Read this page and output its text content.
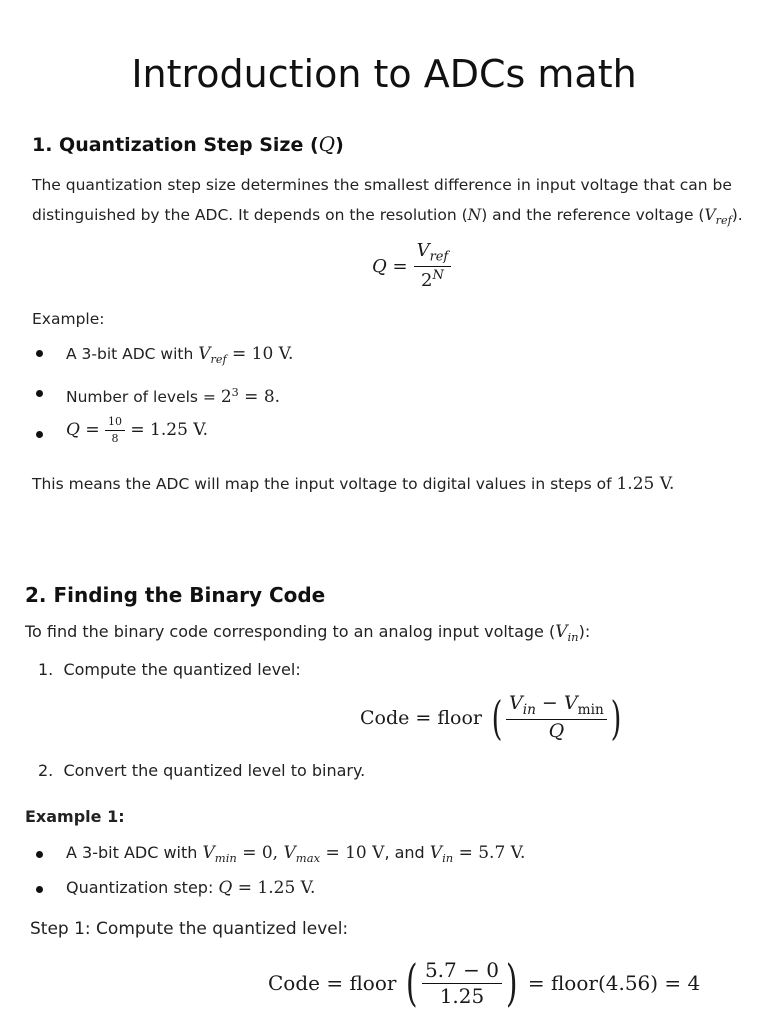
Introduction to ADCs math
1. Quantization Step Size (Q)
The quantization step size determines the smallest difference in input voltage that can be
distinguished by the ADC. It depends on the resolution (N) and the reference voltage $(V_{ref})$.
$Q = \frac{V_{ref}}{2^N}$
Example:
A 3-bit ADC with $V_{ref} = 10$ V.
Number of levels = $2^3 = 8$.
$Q = \frac{10}{8} = 1.25$ V.
This means the ADC will map the input voltage to digital values in steps of 1.25 V.
2. Finding the Binary Code
To find the binary code corresponding to an analog input voltage $(V_{in})$:
1.  Compute the quantized level:
Code = floor ( $\frac{V_{in} - V_{min}}{Q}$ )
2.  Convert the quantized level to binary.
Example 1:
A 3-bit ADC with $V_{min} = 0$, $V_{max} = 10$ V, and $V_{in} = 5.7$ V.
Quantization step: Q = 1.25 V.
Step 1: Compute the quantized level:
Code = floor ( $\frac{5.7 - 0}{1.25}$ ) = floor(4.56) = 4
